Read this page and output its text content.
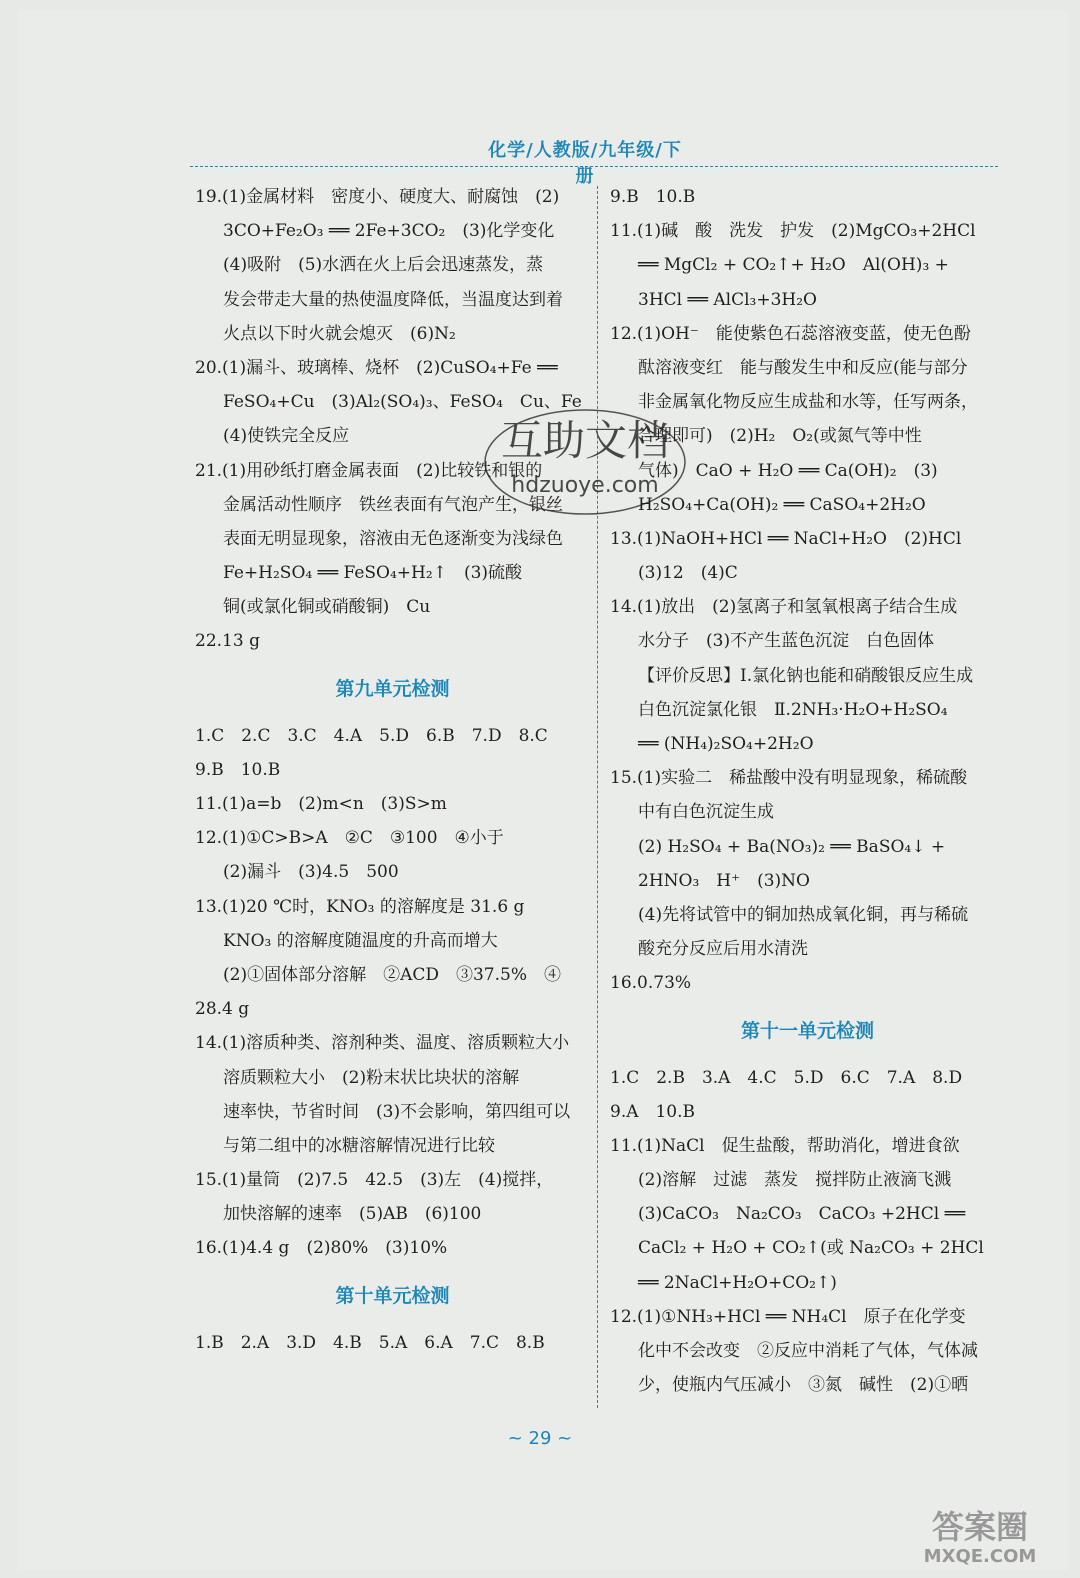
化学/人教版/九年级/下册
19.(1)金属材料　密度小、硬度大、耐腐蚀　(2)
3CO+Fe₂O₃ ══ 2Fe+3CO₂　(3)化学变化
(4)吸附　(5)水洒在火上后会迅速蒸发，蒸
发会带走大量的热使温度降低，当温度达到着
火点以下时火就会熄灭　(6)N₂
20.(1)漏斗、玻璃棒、烧杯　(2)CuSO₄+Fe ══
FeSO₄+Cu　(3)Al₂(SO₄)₃、FeSO₄　Cu、Fe
(4)使铁完全反应
21.(1)用砂纸打磨金属表面　(2)比较铁和银的
金属活动性顺序　铁丝表面有气泡产生，银丝
表面无明显现象，溶液由无色逐渐变为浅绿色
Fe+H₂SO₄ ══ FeSO₄+H₂↑　(3)硫酸
铜(或氯化铜或硝酸铜)　Cu
22.13 g
第九单元检测
1.C　2.C　3.C　4.A　5.D　6.B　7.D　8.C
9.B　10.B
11.(1)a=b　(2)m<n　(3)S>m
12.(1)①C>B>A　②C　③100　④小于
(2)漏斗　(3)4.5　500
13.(1)20 ℃时，KNO₃ 的溶解度是 31.6 g
KNO₃ 的溶解度随温度的升高而增大
(2)①固体部分溶解　②ACD　③37.5%　④
28.4 g
14.(1)溶质种类、溶剂种类、温度、溶质颗粒大小
溶质颗粒大小　(2)粉末状比块状的溶解
速率快，节省时间　(3)不会影响，第四组可以
与第二组中的冰糖溶解情况进行比较
15.(1)量筒　(2)7.5　42.5　(3)左　(4)搅拌，
加快溶解的速率　(5)AB　(6)100
16.(1)4.4 g　(2)80%　(3)10%
第十单元检测
1.B　2.A　3.D　4.B　5.A　6.A　7.C　8.B
9.B　10.B
11.(1)碱　酸　洗发　护发　(2)MgCO₃+2HCl
══ MgCl₂ + CO₂↑+ H₂O　Al(OH)₃ +
3HCl ══ AlCl₃+3H₂O
12.(1)OH⁻　能使紫色石蕊溶液变蓝，使无色酚
酞溶液变红　能与酸发生中和反应(能与部分
非金属氧化物反应生成盐和水等，任写两条，
合理即可)　(2)H₂　O₂(或氮气等中性
气体)　CaO + H₂O ══ Ca(OH)₂　(3)
H₂SO₄+Ca(OH)₂ ══ CaSO₄+2H₂O
13.(1)NaOH+HCl ══ NaCl+H₂O　(2)HCl
(3)12　(4)C
14.(1)放出　(2)氢离子和氢氧根离子结合生成
水分子　(3)不产生蓝色沉淀　白色固体
【评价反思】Ⅰ.氯化钠也能和硝酸银反应生成
白色沉淀氯化银　Ⅱ.2NH₃·H₂O+H₂SO₄
══ (NH₄)₂SO₄+2H₂O
15.(1)实验二　稀盐酸中没有明显现象，稀硫酸
中有白色沉淀生成
(2) H₂SO₄ + Ba(NO₃)₂ ══ BaSO₄↓ +
2HNO₃　H⁺　(3)NO
(4)先将试管中的铜加热成氧化铜，再与稀硫
酸充分反应后用水清洗
16.0.73%
第十一单元检测
1.C　2.B　3.A　4.C　5.D　6.C　7.A　8.D
9.A　10.B
11.(1)NaCl　促生盐酸，帮助消化，增进食欲
(2)溶解　过滤　蒸发　搅拌防止液滴飞溅
(3)CaCO₃　Na₂CO₃　CaCO₃ +2HCl ══
CaCl₂ + H₂O + CO₂↑(或 Na₂CO₃ + 2HCl
══ 2NaCl+H₂O+CO₂↑)
12.(1)①NH₃+HCl ══ NH₄Cl　原子在化学变
化中不会改变　②反应中消耗了气体，气体减
少，使瓶内气压减小　③氮　碱性　(2)①晒
互助文档
hdzuoye.com
~ 29 ~
答案圈
MXQE.COM
